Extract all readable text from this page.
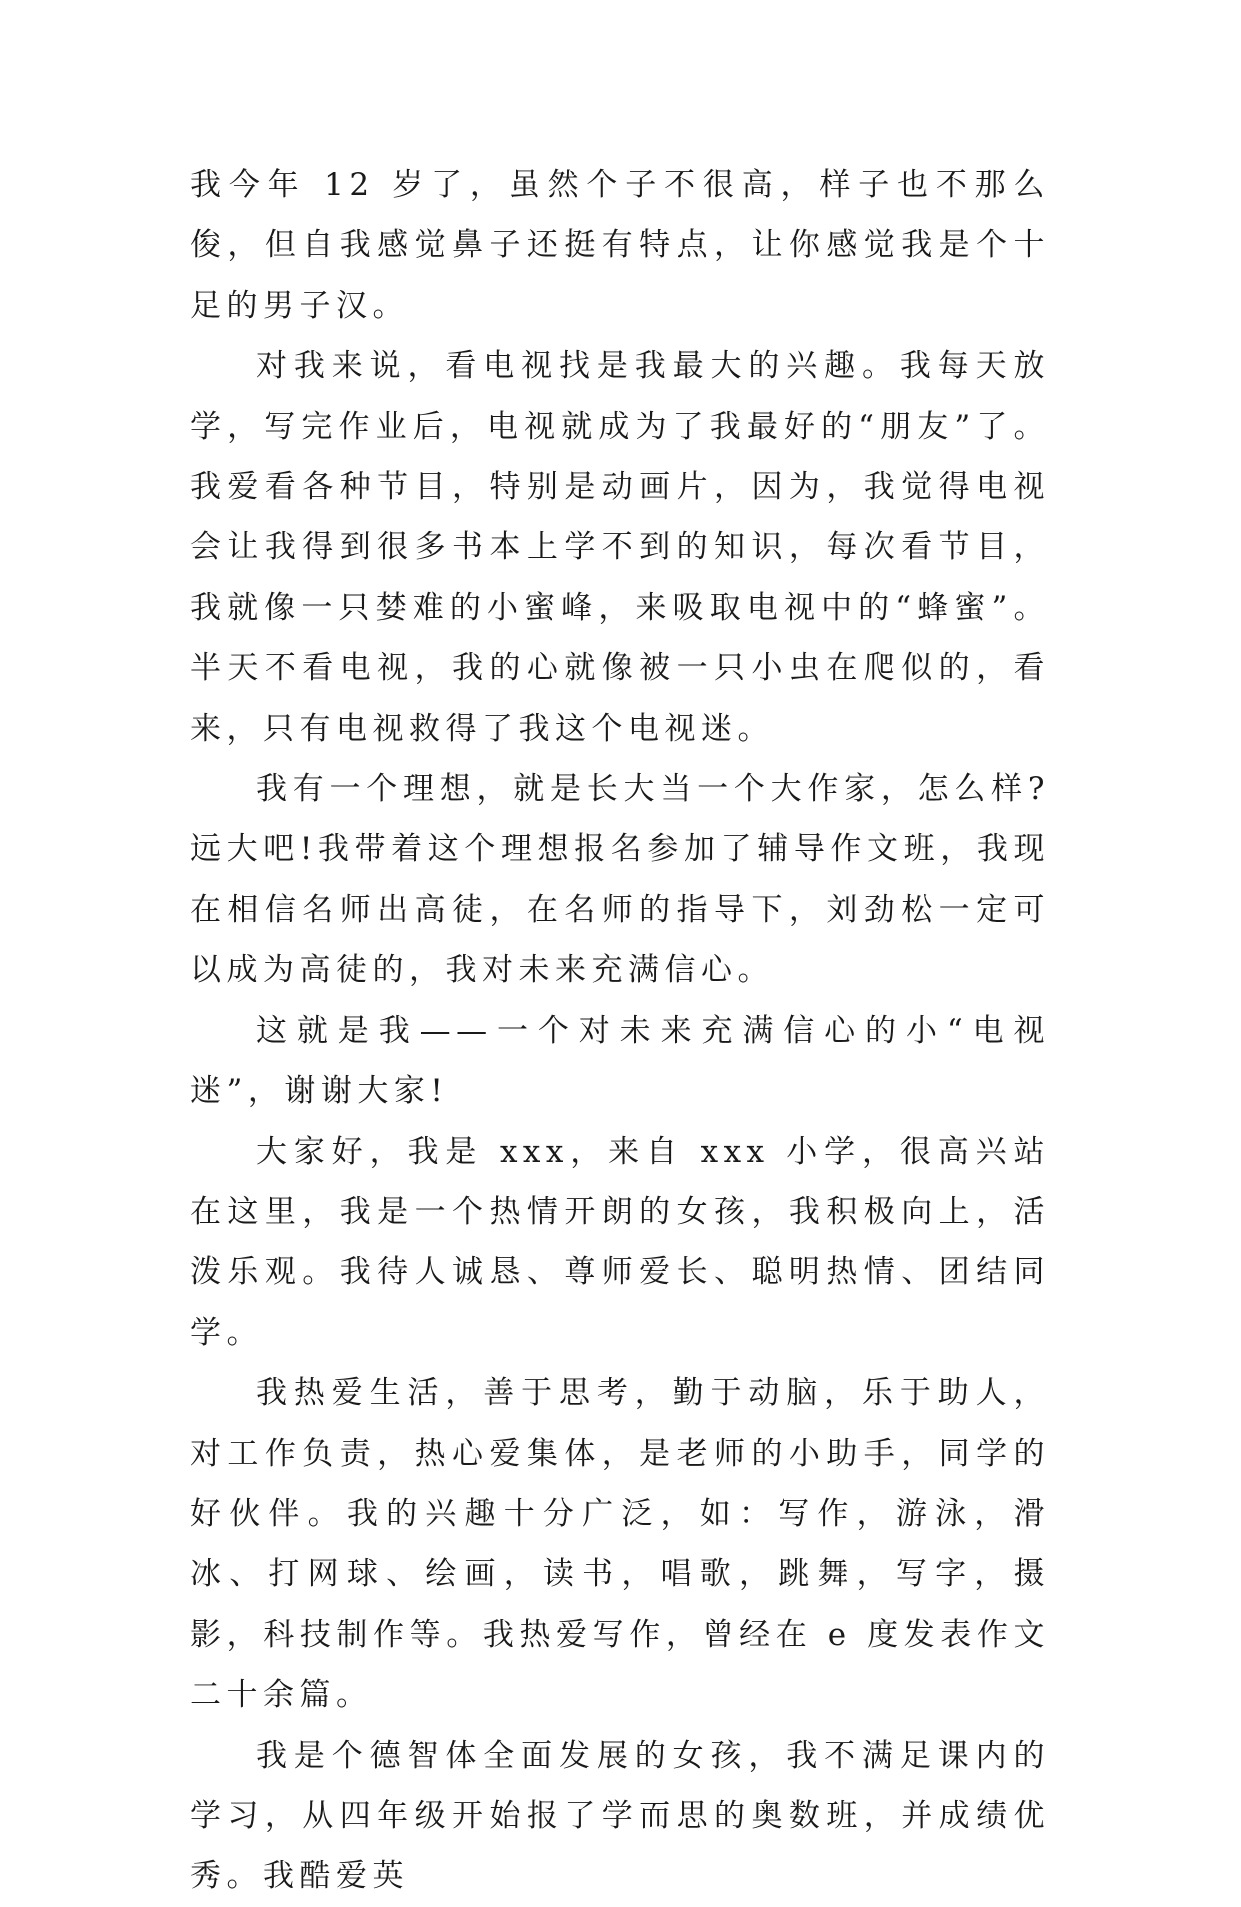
我今年 12 岁了，虽然个子不很高，样子也不那么俊，但自我感觉鼻子还挺有特点，让你感觉我是个十足的男子汉。

对我来说，看电视找是我最大的兴趣。我每天放学，写完作业后，电视就成为了我最好的“朋友”了。我爱看各种节目，特别是动画片，因为，我觉得电视会让我得到很多书本上学不到的知识，每次看节目，我就像一只婪难的小蜜峰，来吸取电视中的“蜂蜜”。半天不看电视，我的心就像被一只小虫在爬似的，看来，只有电视救得了我这个电视迷。

我有一个理想，就是长大当一个大作家，怎么样?远大吧!我带着这个理想报名参加了辅导作文班，我现在相信名师出高徒，在名师的指导下，刘劲松一定可以成为高徒的，我对未来充满信心。

这就是我——一个对未来充满信心的小“电视迷”，谢谢大家!

大家好，我是 xxx，来自 xxx 小学，很高兴站在这里，我是一个热情开朗的女孩，我积极向上，活泼乐观。我待人诚恳、尊师爱长、聪明热情、团结同学。

我热爱生活，善于思考，勤于动脑，乐于助人，对工作负责，热心爱集体，是老师的小助手，同学的好伙伴。我的兴趣十分广泛，如：写作，游泳，滑冰、打网球、绘画，读书，唱歌，跳舞，写字，摄影，科技制作等。我热爱写作，曾经在 e 度发表作文二十余篇。

我是个德智体全面发展的女孩，我不满足课内的学习，从四年级开始报了学而思的奥数班，并成绩优秀。我酷爱英
